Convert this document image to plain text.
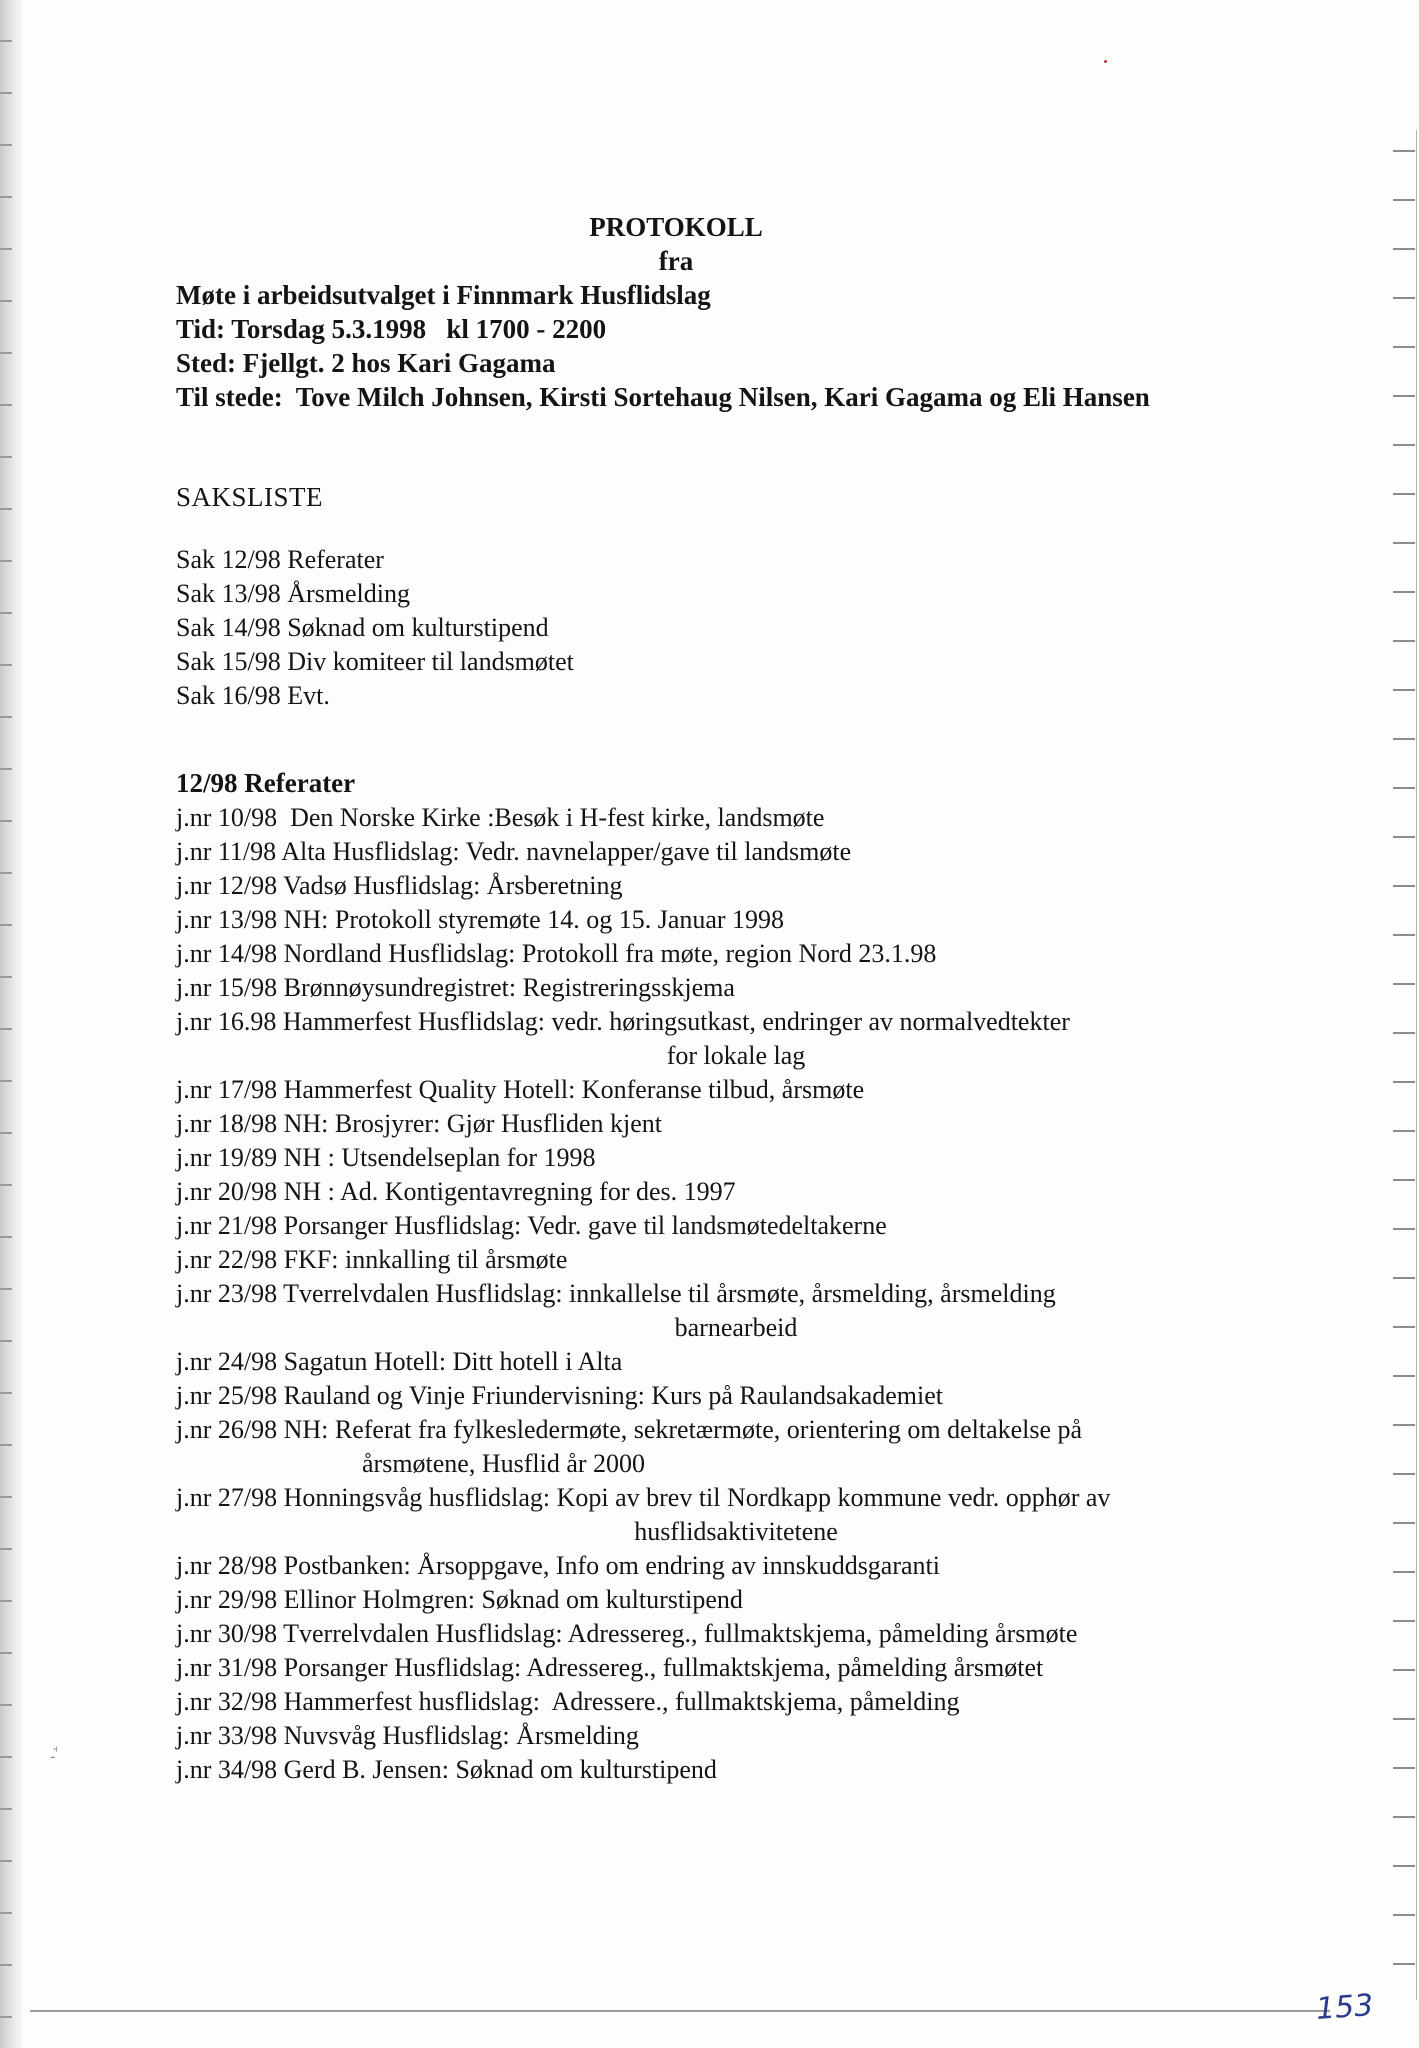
PROTOKOLL
fra
Møte i arbeidsutvalget i Finnmark Husflidslag
Tid: Torsdag 5.3.1998   kl 1700 - 2200
Sted: Fjellgt. 2 hos Kari Gagama
Til stede:  Tove Milch Johnsen, Kirsti Sortehaug Nilsen, Kari Gagama og Eli Hansen
SAKSLISTE
Sak 12/98 Referater
Sak 13/98 Årsmelding
Sak 14/98 Søknad om kulturstipend
Sak 15/98 Div komiteer til landsmøtet
Sak 16/98 Evt.
12/98 Referater
j.nr 10/98  Den Norske Kirke :Besøk i H-fest kirke, landsmøte
j.nr 11/98 Alta Husflidslag: Vedr. navnelapper/gave til landsmøte
j.nr 12/98 Vadsø Husflidslag: Årsberetning
j.nr 13/98 NH: Protokoll styremøte 14. og 15. Januar 1998
j.nr 14/98 Nordland Husflidslag: Protokoll fra møte, region Nord 23.1.98
j.nr 15/98 Brønnøysundregistret: Registreringsskjema
j.nr 16.98 Hammerfest Husflidslag: vedr. høringsutkast, endringer av normalvedtekter
for lokale lag
j.nr 17/98 Hammerfest Quality Hotell: Konferanse tilbud, årsmøte
j.nr 18/98 NH: Brosjyrer: Gjør Husfliden kjent
j.nr 19/89 NH : Utsendelseplan for 1998
j.nr 20/98 NH : Ad. Kontigentavregning for des. 1997
j.nr 21/98 Porsanger Husflidslag: Vedr. gave til landsmøtedeltakerne
j.nr 22/98 FKF: innkalling til årsmøte
j.nr 23/98 Tverrelvdalen Husflidslag: innkallelse til årsmøte, årsmelding, årsmelding
barnearbeid
j.nr 24/98 Sagatun Hotell: Ditt hotell i Alta
j.nr 25/98 Rauland og Vinje Friundervisning: Kurs på Raulandsakademiet
j.nr 26/98 NH: Referat fra fylkesledermøte, sekretærmøte, orientering om deltakelse på
årsmøtene, Husflid år 2000
j.nr 27/98 Honningsvåg husflidslag: Kopi av brev til Nordkapp kommune vedr. opphør av
husflidsaktivitetene
j.nr 28/98 Postbanken: Årsoppgave, Info om endring av innskuddsgaranti
j.nr 29/98 Ellinor Holmgren: Søknad om kulturstipend
j.nr 30/98 Tverrelvdalen Husflidslag: Adressereg., fullmaktskjema, påmelding årsmøte
j.nr 31/98 Porsanger Husflidslag: Adressereg., fullmaktskjema, påmelding årsmøtet
j.nr 32/98 Hammerfest husflidslag:  Adressere., fullmaktskjema, påmelding
j.nr 33/98 Nuvsvåg Husflidslag: Årsmelding
j.nr 34/98 Gerd B. Jensen: Søknad om kulturstipend
-ꜗ
153
